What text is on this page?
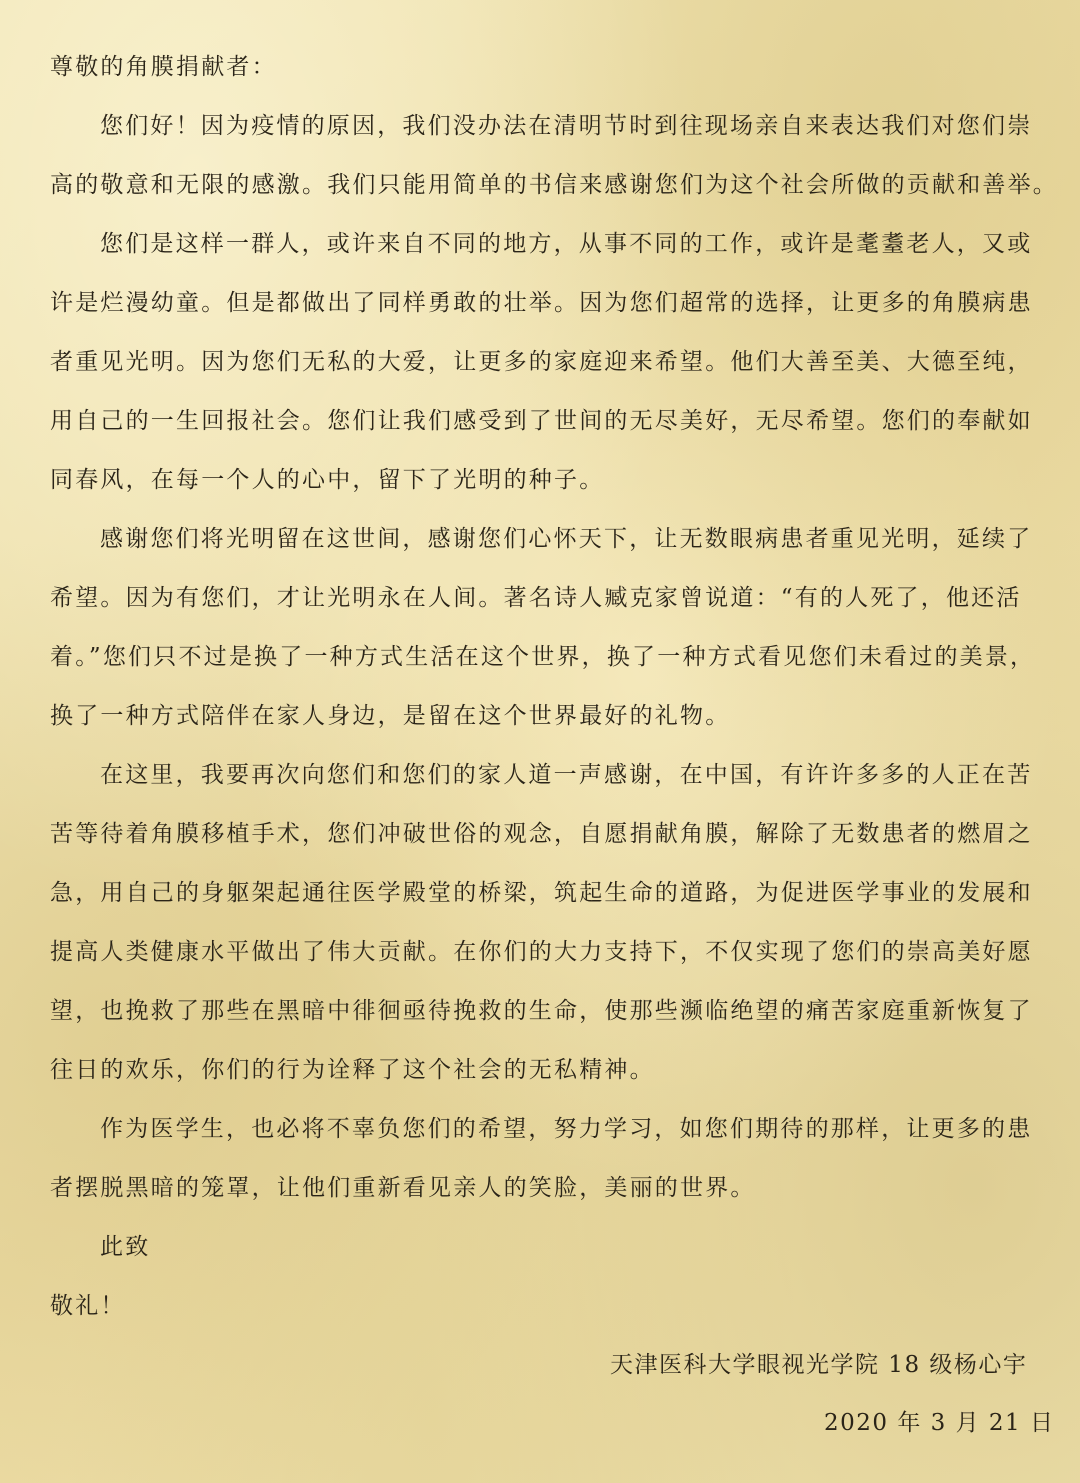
尊敬的角膜捐献者：
您们好！因为疫情的原因，我们没办法在清明节时到往现场亲自来表达我们对您们崇
高的敬意和无限的感激。我们只能用简单的书信来感谢您们为这个社会所做的贡献和善举。
您们是这样一群人，或许来自不同的地方，从事不同的工作，或许是耄耋老人，又或
许是烂漫幼童。但是都做出了同样勇敢的壮举。因为您们超常的选择，让更多的角膜病患
者重见光明。因为您们无私的大爱，让更多的家庭迎来希望。他们大善至美、大德至纯，
用自己的一生回报社会。您们让我们感受到了世间的无尽美好，无尽希望。您们的奉献如
同春风，在每一个人的心中，留下了光明的种子。
感谢您们将光明留在这世间，感谢您们心怀天下，让无数眼病患者重见光明，延续了
希望。因为有您们，才让光明永在人间。著名诗人臧克家曾说道：“有的人死了，他还活
着。”您们只不过是换了一种方式生活在这个世界，换了一种方式看见您们未看过的美景，
换了一种方式陪伴在家人身边，是留在这个世界最好的礼物。
在这里，我要再次向您们和您们的家人道一声感谢，在中国，有许许多多的人正在苦
苦等待着角膜移植手术，您们冲破世俗的观念，自愿捐献角膜，解除了无数患者的燃眉之
急，用自己的身躯架起通往医学殿堂的桥梁，筑起生命的道路，为促进医学事业的发展和
提高人类健康水平做出了伟大贡献。在你们的大力支持下，不仅实现了您们的崇高美好愿
望，也挽救了那些在黑暗中徘徊亟待挽救的生命，使那些濒临绝望的痛苦家庭重新恢复了
往日的欢乐，你们的行为诠释了这个社会的无私精神。
作为医学生，也必将不辜负您们的希望，努力学习，如您们期待的那样，让更多的患
者摆脱黑暗的笼罩，让他们重新看见亲人的笑脸，美丽的世界。
此致
敬礼！
天津医科大学眼视光学院 18 级杨心宇
2020 年 3 月 21 日
